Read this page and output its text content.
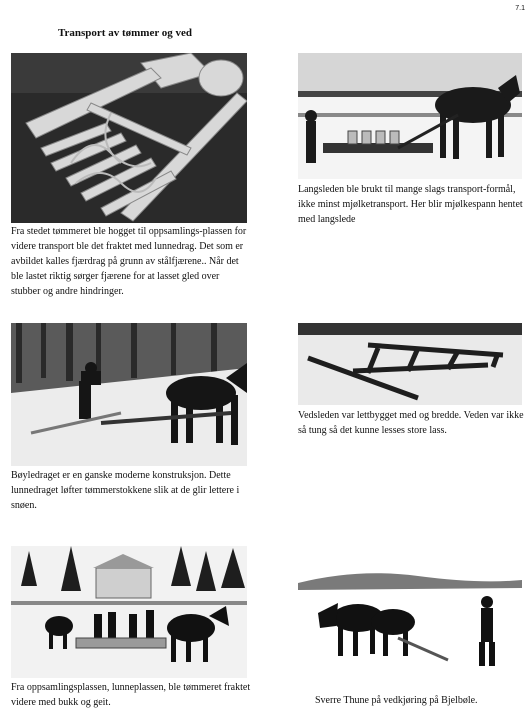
7.1
Transport av tømmer og ved
Fra stedet tømmeret ble hogget til oppsamlings-plassen for videre transport ble det fraktet med lunnedrag. Det som er avbildet kalles fjærdrag på grunn av stålfjærene.. Når det ble lastet riktig sørger fjærene for at lasset gled over stubber og andre hindringer.
Langsleden ble brukt til mange slags transport-formål, ikke minst mjølketransport. Her blir mjølkespann hentet med langslede
Bøyledraget er en ganske moderne konstruksjon. Dette lunnedraget løfter tømmerstokkene slik at de glir lettere i snøen.
Vedsleden var lettbygget med og bredde. Veden var ikke så tung så det kunne lesses store lass.
Fra oppsamlingsplassen, lunneplassen, ble tømmeret fraktet videre med bukk og geit.	Sverre Thune på vedkjøring på Bjelbøle.
